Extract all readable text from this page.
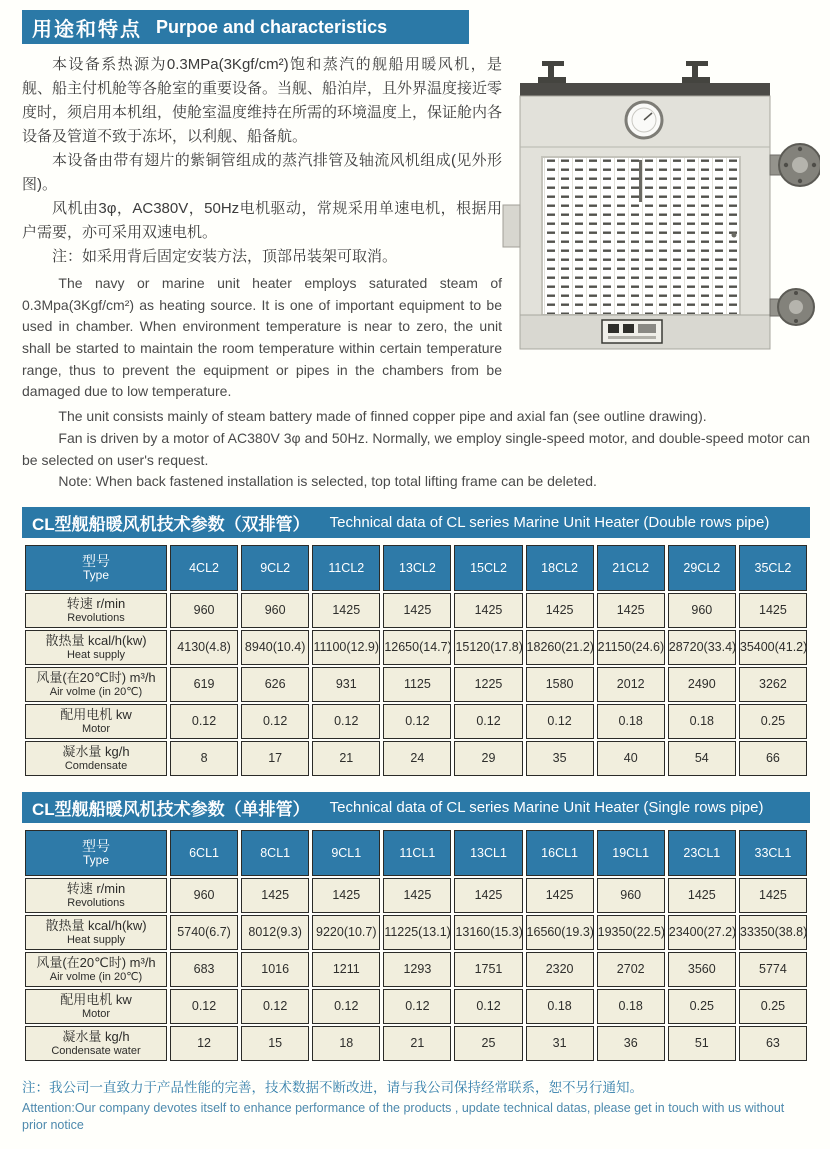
用途和特点 Purpoe and characteristics

本设备系热源为0.3MPa(3Kgf/cm²)饱和蒸汽的舰船用暖风机，是舰、船主付机舱等各舱室的重要设备。当舰、船泊岸，且外界温度接近零度时，须启用本机组，使舱室温度维持在所需的环境温度上，保证舱内各设备及管道不致于冻坏，以利舰、船备航。

本设备由带有翅片的紫铜管组成的蒸汽排管及轴流风机组成(见外形图)。

风机由3φ，AC380V，50Hz电机驱动，常规采用单速电机，根据用户需要，亦可采用双速电机。

注：如采用背后固定安装方法，顶部吊装架可取消。

The navy or marine unit heater employs saturated steam of 0.3Mpa(3Kgf/cm²) as heating source. It is one of important equipment to be used in chamber. When environment temperature is near to zero, the unit shall be started to maintain the room temperature within certain temperature range, thus to prevent the equipment or pipes in the chambers from be damaged due to low temperature.

The unit consists mainly of steam battery made of finned copper pipe and axial fan (see outline drawing).

Fan is driven by a motor of AC380V 3φ and 50Hz. Normally, we employ single-speed motor, and double-speed motor can be selected on user's request.

Note: When back fastened installation is selected, top total lifting frame can be deleted.

CL型舰船暖风机技术参数（双排管） Technical data of CL series Marine Unit Heater (Double rows pipe)
型号
Type	4CL2	9CL2	11CL2	13CL2	15CL2	18CL2	21CL2	29CL2	35CL2

转速 r/min
Revolutions	960	960	1425	1425	1425	1425	1425	960	1425

散热量 kcal/h(kw)
Heat supply	4130(4.8)	8940(10.4)	11100(12.9)	12650(14.7)	15120(17.8)	18260(21.2)	21150(24.6)	28720(33.4)	35400(41.2)

风量(在20℃时) m³/h
Air volme (in 20℃)	619	626	931	1125	1225	1580	2012	2490	3262

配用电机 kw
Motor	0.12	0.12	0.12	0.12	0.12	0.12	0.18	0.18	0.25

凝水量 kg/h
Comdensate	8	17	21	24	29	35	40	54	66
CL型舰船暖风机技术参数（单排管） Technical data of CL series Marine Unit Heater (Single rows pipe)
型号
Type	6CL1	8CL1	9CL1	11CL1	13CL1	16CL1	19CL1	23CL1	33CL1

转速 r/min
Revolutions	960	1425	1425	1425	1425	1425	960	1425	1425

散热量 kcal/h(kw)
Heat supply	5740(6.7)	8012(9.3)	9220(10.7)	11225(13.1)	13160(15.3)	16560(19.3)	19350(22.5)	23400(27.2)	33350(38.8)

风量(在20℃时) m³/h
Air volme (in 20℃)	683	1016	1211	1293	1751	2320	2702	3560	5774

配用电机 kw
Motor	0.12	0.12	0.12	0.12	0.12	0.18	0.18	0.25	0.25

凝水量 kg/h
Condensate water	12	15	18	21	25	31	36	51	63
注：我公司一直致力于产品性能的完善，技术数据不断改进，请与我公司保持经常联系，恕不另行通知。
Attention:Our company devotes itself to enhance performance of the products , update technical datas, please get in touch with us without prior notice
